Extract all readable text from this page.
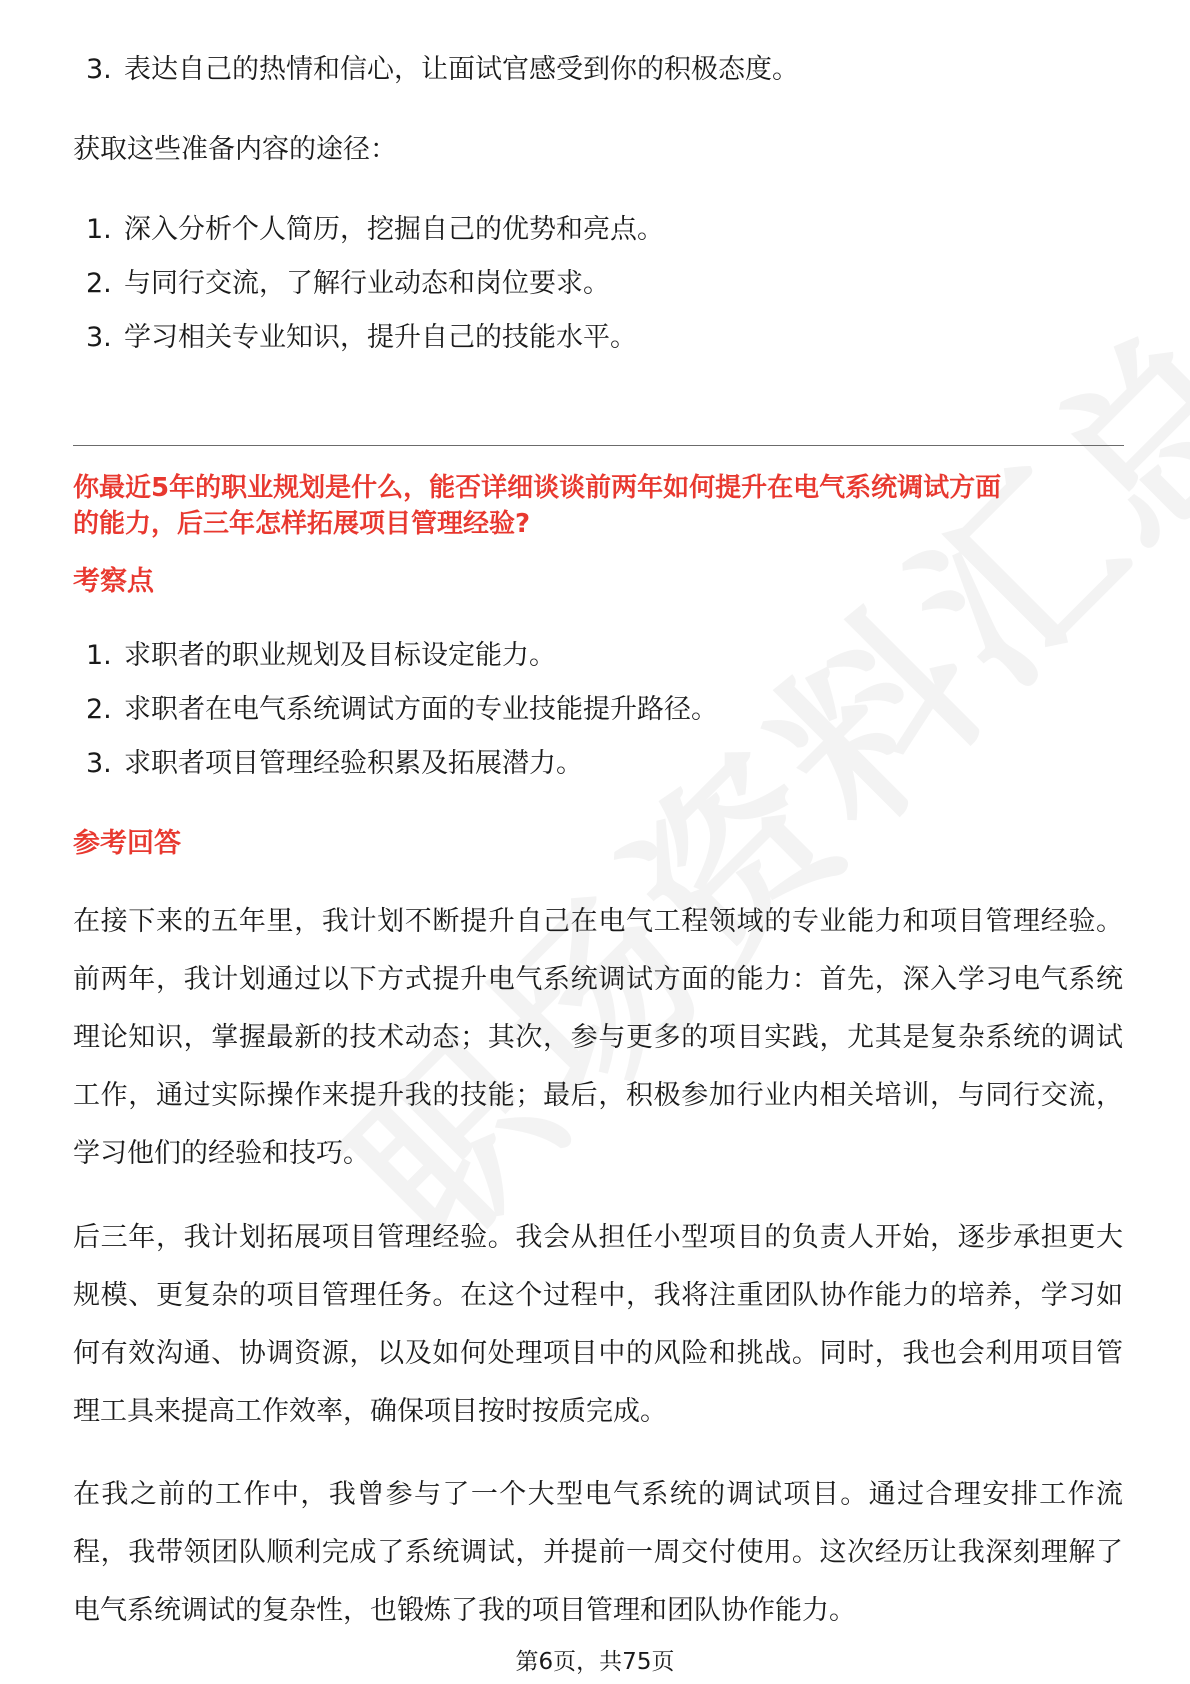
3. 表达自己的热情和信心，让面试官感受到你的积极态度。
获取这些准备内容的途径：
1. 深入分析个人简历，挖掘自己的优势和亮点。
2. 与同行交流，了解行业动态和岗位要求。
3. 学习相关专业知识，提升自己的技能水平。
你最近5年的职业规划是什么，能否详细谈谈前两年如何提升在电气系统调试方面
的能力，后三年怎样拓展项目管理经验?
考察点
1. 求职者的职业规划及目标设定能力。
2. 求职者在电气系统调试方面的专业技能提升路径。
3. 求职者项目管理经验积累及拓展潜力。
参考回答
在接下来的五年里，我计划不断提升自己在电气工程领域的专业能力和项目管理经验。前两年，我计划通过以下方式提升电气系统调试方面的能力：首先，深入学习电气系统理论知识，掌握最新的技术动态；其次，参与更多的项目实践，尤其是复杂系统的调试工作，通过实际操作来提升我的技能；最后，积极参加行业内相关培训，与同行交流，学习他们的经验和技巧。
后三年，我计划拓展项目管理经验。我会从担任小型项目的负责人开始，逐步承担更大规模、更复杂的项目管理任务。在这个过程中，我将注重团队协作能力的培养，学习如何有效沟通、协调资源，以及如何处理项目中的风险和挑战。同时，我也会利用项目管理工具来提高工作效率，确保项目按时按质完成。
在我之前的工作中，我曾参与了一个大型电气系统的调试项目。通过合理安排工作流程，我带领团队顺利完成了系统调试，并提前一周交付使用。这次经历让我深刻理解了电气系统调试的复杂性，也锻炼了我的项目管理和团队协作能力。
第6页，共75页
